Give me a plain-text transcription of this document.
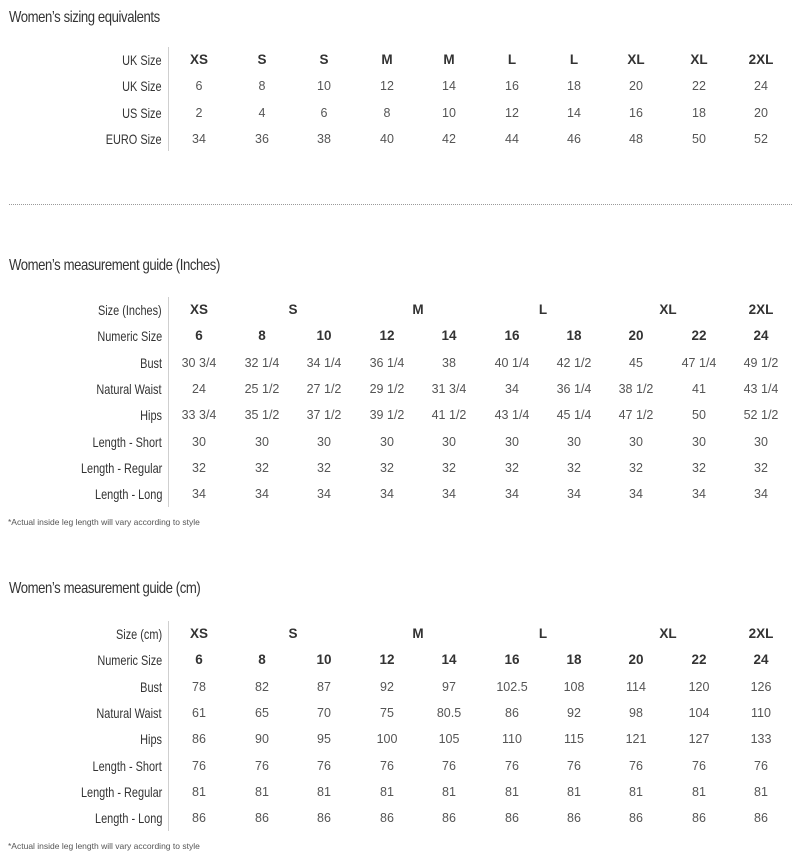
Women’s sizing equivalents
UK Size	XS	S	S	M	M	L	L	XL	XL	2XL
UK Size	6	8	10	12	14	16	18	20	22	24
US Size	2	4	6	8	10	12	14	16	18	20
EURO Size	34	36	38	40	42	44	46	48	50	52
Women’s measurement guide (Inches)
Size (Inches)	XS	S	M	L	XL	2XL
Numeric Size	6	8	10	12	14	16	18	20	22	24
Bust	30 3/4	32 1/4	34 1/4	36 1/4	38	40 1/4	42 1/2	45	47 1/4	49 1/2
Natural Waist	24	25 1/2	27 1/2	29 1/2	31 3/4	34	36 1/4	38 1/2	41	43 1/4
Hips	33 3/4	35 1/2	37 1/2	39 1/2	41 1/2	43 1/4	45 1/4	47 1/2	50	52 1/2
Length - Short	30	30	30	30	30	30	30	30	30	30
Length - Regular	32	32	32	32	32	32	32	32	32	32
Length - Long	34	34	34	34	34	34	34	34	34	34
*Actual inside leg length will vary according to style
Women’s measurement guide (cm)
Size (cm)	XS	S	M	L	XL	2XL
Numeric Size	6	8	10	12	14	16	18	20	22	24
Bust	78	82	87	92	97	102.5	108	114	120	126
Natural Waist	61	65	70	75	80.5	86	92	98	104	110
Hips	86	90	95	100	105	110	115	121	127	133
Length - Short	76	76	76	76	76	76	76	76	76	76
Length - Regular	81	81	81	81	81	81	81	81	81	81
Length - Long	86	86	86	86	86	86	86	86	86	86
*Actual inside leg length will vary according to style
